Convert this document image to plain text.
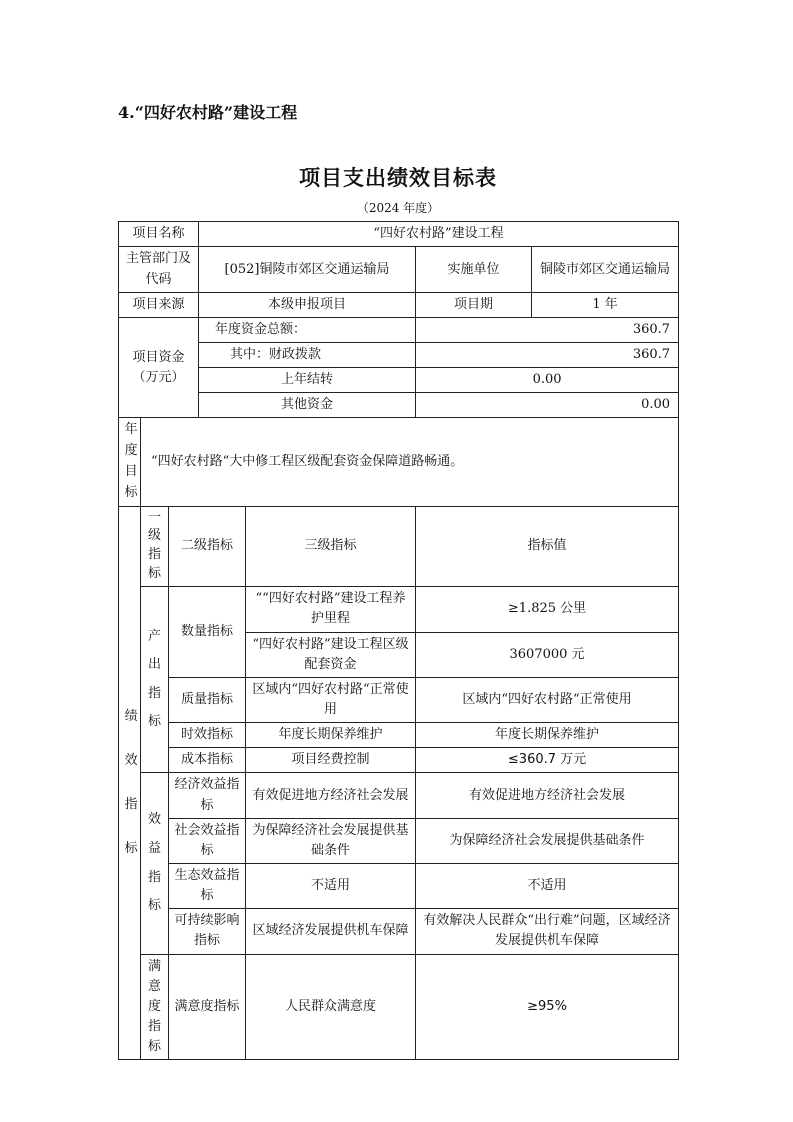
4.“四好农村路”建设工程

项目支出绩效目标表

（2024 年度）

项目名称			“四好农村路”建设工程			
主管部门及代码			[052]铜陵市郊区交通运输局		实施单位	铜陵市郊区交通运输局
项目来源			本级申报项目		项目期	1 年
项目资金
（万元）			年度资金总额：		360.7	
			其中：财政拨款		360.7	
			上年结转		0.00	
			其他资金		0.00	
年度目标	“四好农村路“大中修工程区级配套资金保障道路畅通。					
绩效指标	一级指标	二级指标		三级指标	指标值	
	产出指标	数量指标		““四好农村路”建设工程养护里程	≥1.825 公里	
				“四好农村路”建设工程区级配套资金	3607000 元	
		质量指标		区域内“四好农村路“正常使用	区域内“四好农村路“正常使用	
		时效指标		年度长期保养维护	年度长期保养维护	
		成本指标		项目经费控制	≤360.7 万元	
	效益指标	经济效益指标		有效促进地方经济社会发展	有效促进地方经济社会发展	
		社会效益指标		为保障经济社会发展提供基础条件	为保障经济社会发展提供基础条件	
		生态效益指标		不适用	不适用	
		可持续影响指标		区域经济发展提供机车保障	有效解决人民群众“出行难”问题，区域经济发展提供机车保障	
	满意度指标	满意度指标		人民群众满意度	≥95%	
